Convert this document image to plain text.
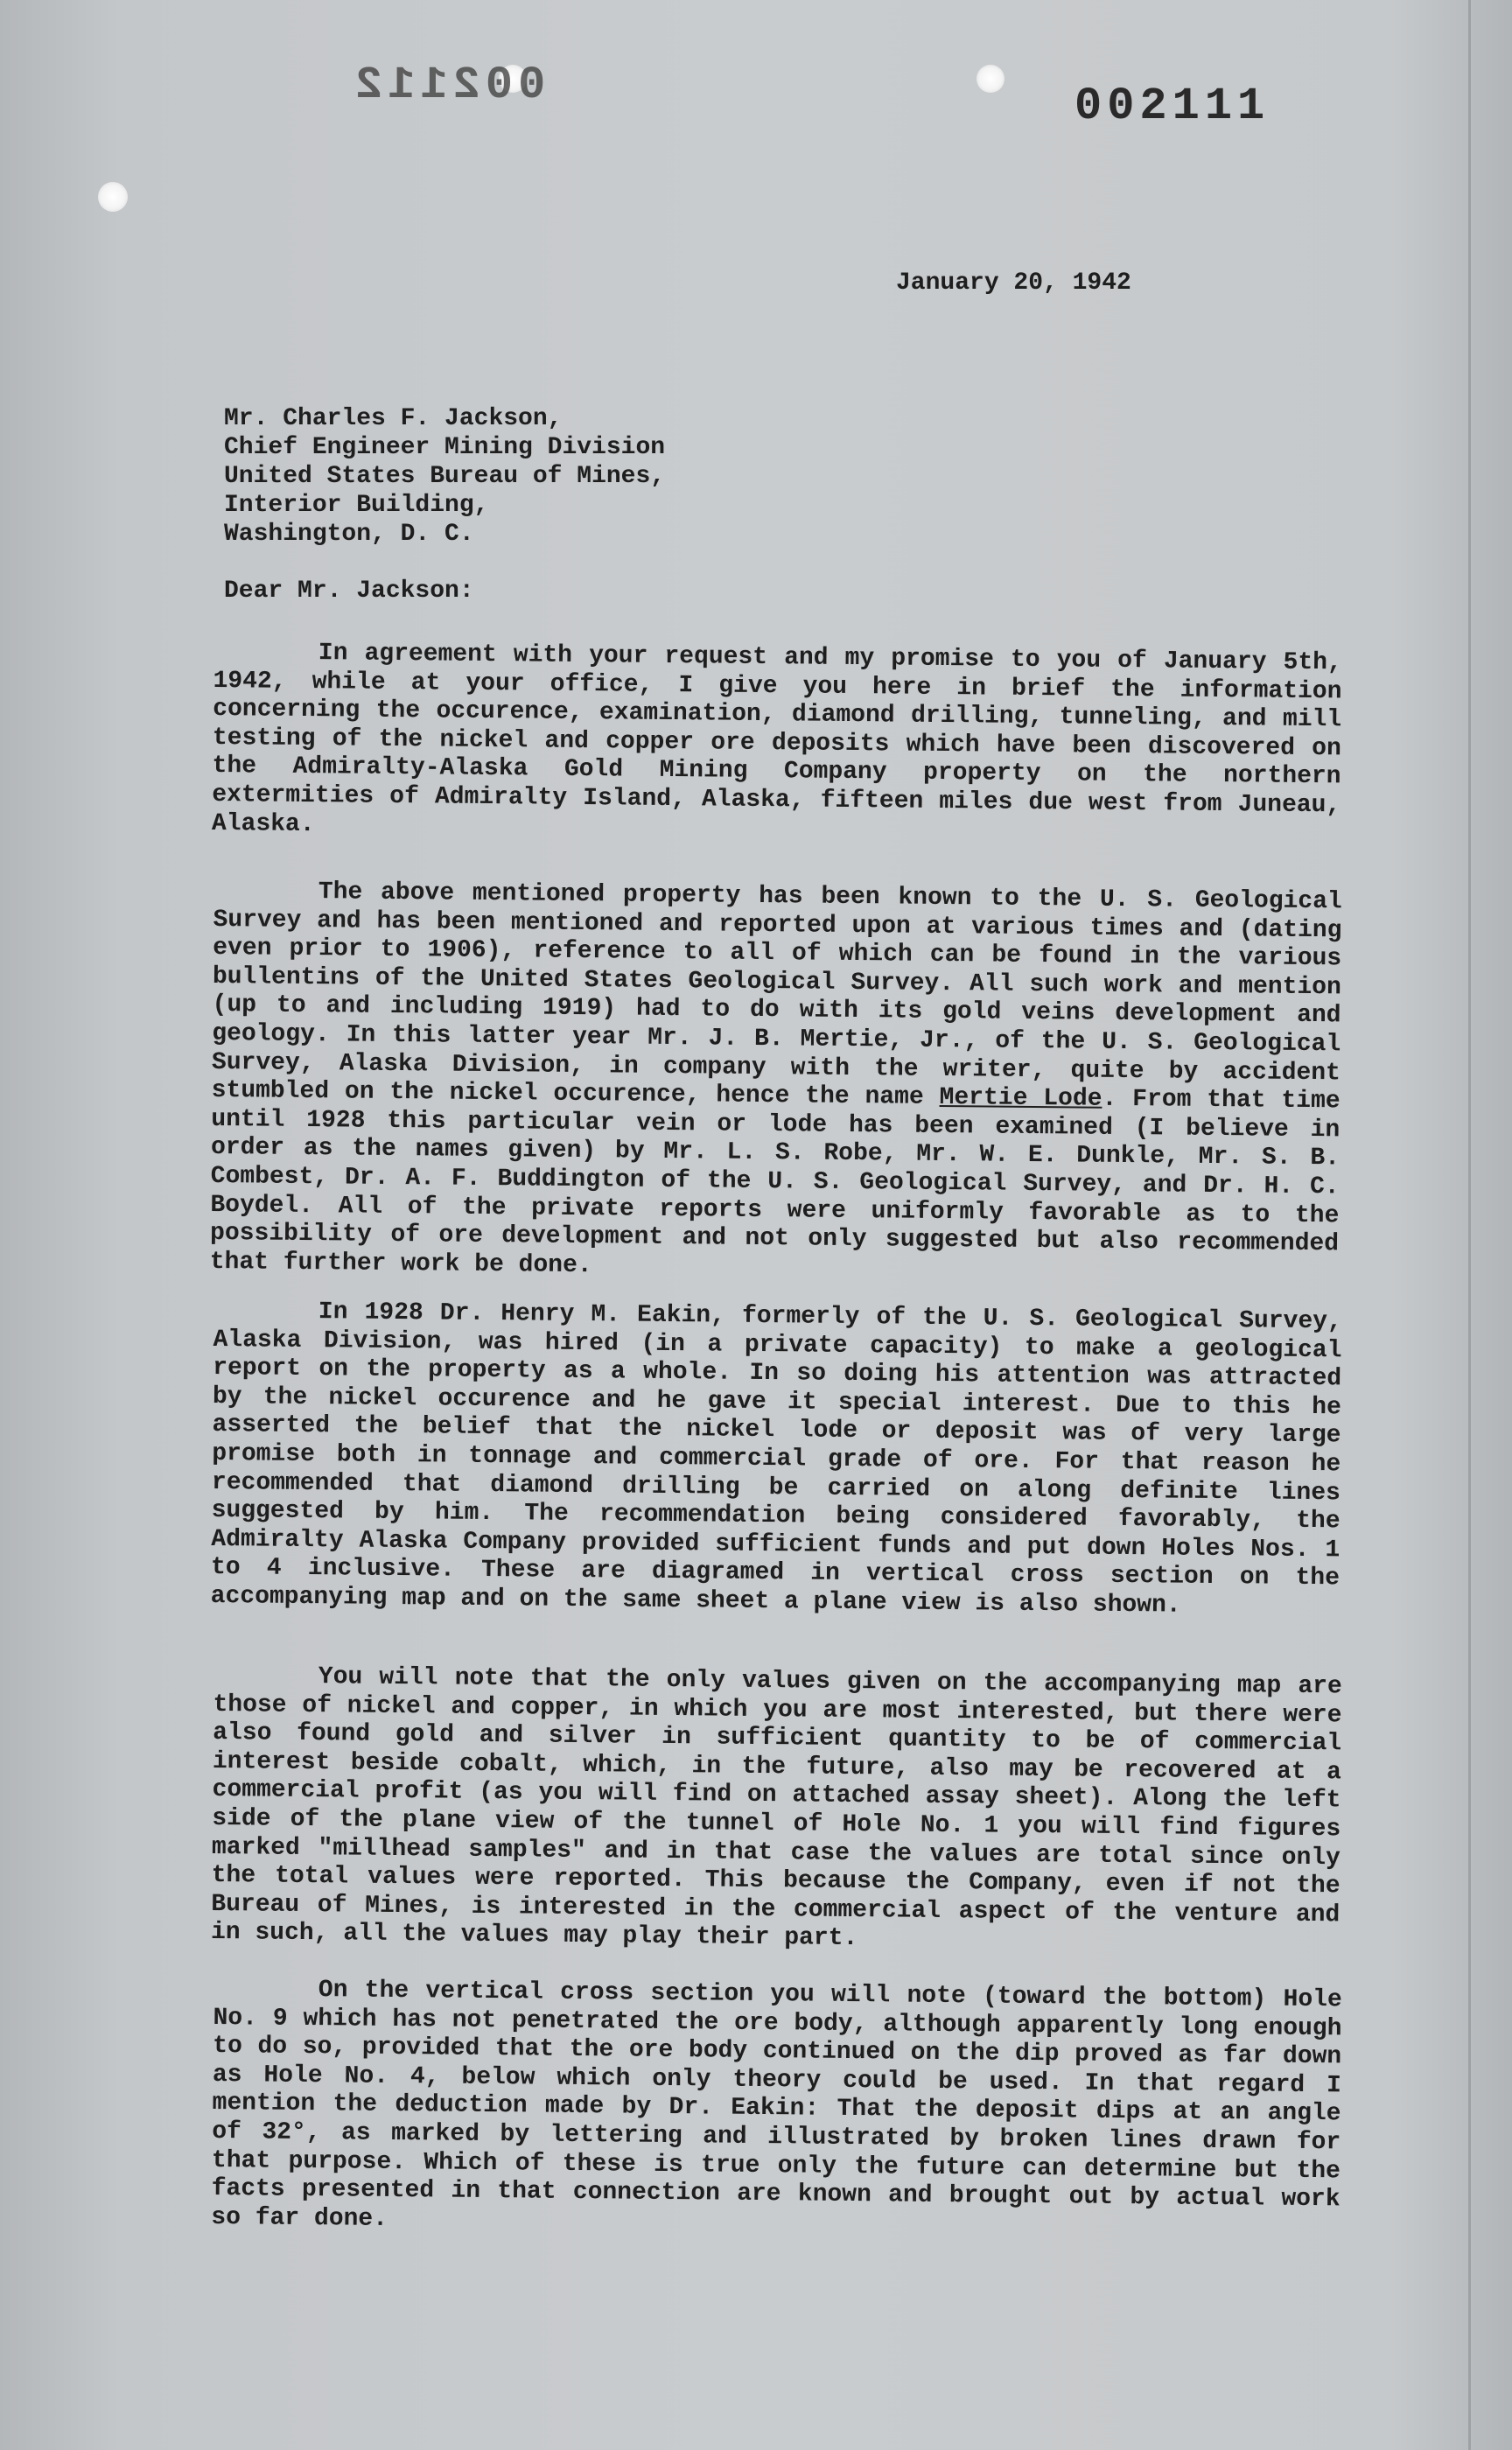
002112	002111
January 20, 1942
Mr. Charles F. Jackson,
Chief Engineer Mining Division
United States Bureau of Mines,
Interior Building,
Washington, D. C.
Dear Mr. Jackson:
In agreement with your request and my promise to you of January 5th, 1942, while at your office, I give you here in brief the information concerning the occurence, examination, diamond drilling, tunneling, and mill testing of the nickel and copper ore deposits which have been discovered on the Admiralty-Alaska Gold Mining Company property on the northern extermities of Admiralty Island, Alaska, fifteen miles due west from Juneau, Alaska.
The above mentioned property has been known to the U. S. Geological Survey and has been mentioned and reported upon at various times and (dating even prior to 1906), reference to all of which can be found in the various bullentins of the United States Geological Survey. All such work and mention (up to and including 1919) had to do with its gold veins development and geology. In this latter year Mr. J. B. Mertie, Jr., of the U. S. Geological Survey, Alaska Division, in company with the writer, quite by accident stumbled on the nickel occurence, hence the name Mertie Lode. From that time until 1928 this particular vein or lode has been examined (I believe in order as the names given) by Mr. L. S. Robe, Mr. W. E. Dunkle, Mr. S. B. Combest, Dr. A. F. Buddington of the U. S. Geological Survey, and Dr. H. C. Boydel. All of the private reports were uniformly favorable as to the possibility of ore development and not only suggested but also recommended that further work be done.
In 1928 Dr. Henry M. Eakin, formerly of the U. S. Geological Survey, Alaska Division, was hired (in a private capacity) to make a geological report on the property as a whole. In so doing his attention was attracted by the nickel occurence and he gave it special interest. Due to this he asserted the belief that the nickel lode or deposit was of very large promise both in tonnage and commercial grade of ore. For that reason he recommended that diamond drilling be carried on along definite lines suggested by him. The recommendation being considered favorably, the Admiralty Alaska Company provided sufficient funds and put down Holes Nos. 1 to 4 inclusive. These are diagramed in vertical cross section on the accompanying map and on the same sheet a plane view is also shown.
You will note that the only values given on the accompanying map are those of nickel and copper, in which you are most interested, but there were also found gold and silver in sufficient quantity to be of commercial interest beside cobalt, which, in the future, also may be recovered at a commercial profit (as you will find on attached assay sheet). Along the left side of the plane view of the tunnel of Hole No. 1 you will find figures marked "millhead samples" and in that case the values are total since only the total values were reported. This because the Company, even if not the Bureau of Mines, is interested in the commercial aspect of the venture and in such, all the values may play their part.
On the vertical cross section you will note (toward the bottom) Hole No. 9 which has not penetrated the ore body, although apparently long enough to do so, provided that the ore body continued on the dip proved as far down as Hole No. 4, below which only theory could be used. In that regard I mention the deduction made by Dr. Eakin: That the deposit dips at an angle of 32°, as marked by lettering and illustrated by broken lines drawn for that purpose. Which of these is true only the future can determine but the facts presented in that connection are known and brought out by actual work so far done.
